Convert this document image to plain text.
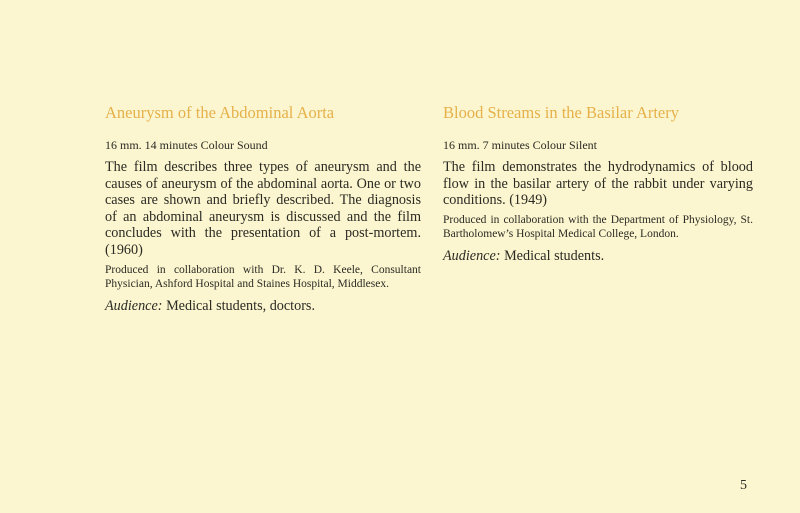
Aneurysm of the Abdominal Aorta

16 mm. 14 minutes Colour Sound

The film describes three types of aneurysm and the causes of aneurysm of the abdominal aorta. One or two cases are shown and briefly described. The diagnosis of an abdominal aneurysm is discussed and the film concludes with the presentation of a post-mortem. (1960)

Produced in collaboration with Dr. K. D. Keele, Consultant Physician, Ashford Hospital and Staines Hospital, Middlesex.

Audience: Medical students, doctors.

Blood Streams in the Basilar Artery

16 mm. 7 minutes Colour Silent

The film demonstrates the hydrodynamics of blood flow in the basilar artery of the rabbit under varying conditions. (1949)

Produced in collaboration with the Department of Physiology, St. Bartholomew’s Hospital Medical College, London.

Audience: Medical students.

5
